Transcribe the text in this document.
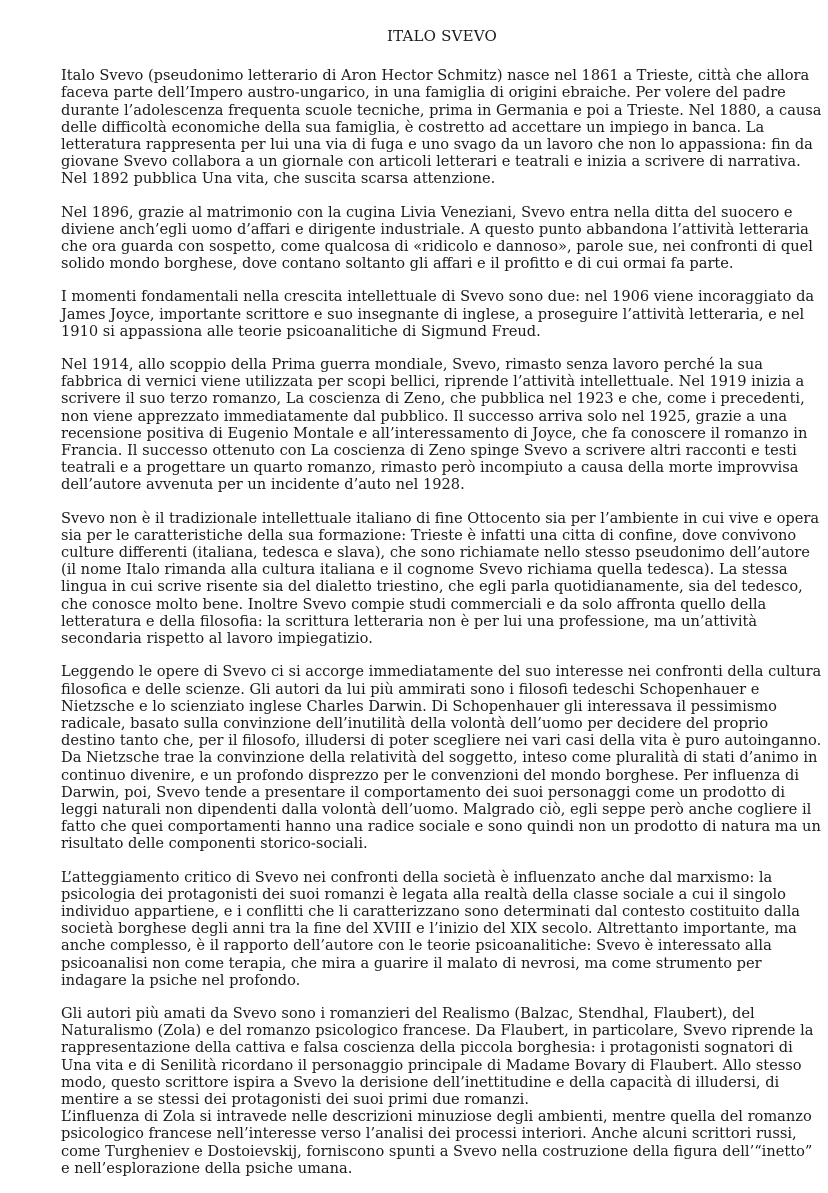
ITALO SVEVO

Italo Svevo (pseudonimo letterario di Aron Hector Schmitz) nasce nel 1861 a Trieste, città che allora faceva parte dell’Impero austro-ungarico, in una famiglia di origini ebraiche. Per volere del padre durante l’adolescenza frequenta scuole tecniche, prima in Germania e poi a Trieste. Nel 1880, a causa delle difficoltà economiche della sua famiglia, è costretto ad accettare un impiego in banca. La letteratura rappresenta per lui una via di fuga e uno svago da un lavoro che non lo appassiona: fin da giovane Svevo collabora a un giornale con articoli letterari e teatrali e inizia a scrivere di narrativa. Nel 1892 pubblica Una vita, che suscita scarsa attenzione.

Nel 1896, grazie al matrimonio con la cugina Livia Veneziani, Svevo entra nella ditta del suocero e diviene anch’egli uomo d’affari e dirigente industriale. A questo punto abbandona l’attività letteraria che ora guarda con sospetto, come qualcosa di «ridicolo e dannoso», parole sue, nei confronti di quel solido mondo borghese, dove contano soltanto gli affari e il profitto e di cui ormai fa parte.

I momenti fondamentali nella crescita intellettuale di Svevo sono due: nel 1906 viene incoraggiato da James Joyce, importante scrittore e suo insegnante di inglese, a proseguire l’attività letteraria, e nel 1910 si appassiona alle teorie psicoanalitiche di Sigmund Freud.

Nel 1914, allo scoppio della Prima guerra mondiale, Svevo, rimasto senza lavoro perché la sua fabbrica di vernici viene utilizzata per scopi bellici, riprende l’attività intellettuale. Nel 1919 inizia a scrivere il suo terzo romanzo, La coscienza di Zeno, che pubblica nel 1923 e che, come i precedenti, non viene apprezzato immediatamente dal pubblico. Il successo arriva solo nel 1925, grazie a una recensione positiva di Eugenio Montale e all’interessamento di Joyce, che fa conoscere il romanzo in Francia. Il successo ottenuto con La coscienza di Zeno spinge Svevo a scrivere altri racconti e testi teatrali e a progettare un quarto romanzo, rimasto però incompiuto a causa della morte improvvisa dell’autore avvenuta per un incidente d’auto nel 1928.

Svevo non è il tradizionale intellettuale italiano di fine Ottocento sia per l’ambiente in cui vive e opera sia per le caratteristiche della sua formazione: Trieste è infatti una citta di confine, dove convivono culture differenti (italiana, tedesca e slava), che sono richiamate nello stesso pseudonimo dell’autore (il nome Italo rimanda alla cultura italiana e il cognome Svevo richiama quella tedesca). La stessa lingua in cui scrive risente sia del dialetto triestino, che egli parla quotidianamente, sia del tedesco, che conosce molto bene. Inoltre Svevo compie studi commerciali e da solo affronta quello della letteratura e della filosofia: la scrittura letteraria non è per lui una professione, ma un’attività secondaria rispetto al lavoro impiegatizio.

Leggendo le opere di Svevo ci si accorge immediatamente del suo interesse nei confronti della cultura filosofica e delle scienze. Gli autori da lui più ammirati sono i filosofi tedeschi Schopenhauer e Nietzsche e lo scienziato inglese Charles Darwin. Di Schopenhauer gli interessava il pessimismo radicale, basato sulla convinzione dell’inutilità della volontà dell’uomo per decidere del proprio destino tanto che, per il filosofo, illudersi di poter scegliere nei vari casi della vita è puro autoinganno. Da Nietzsche trae la convinzione della relatività del soggetto, inteso come pluralità di stati d’animo in continuo divenire, e un profondo disprezzo per le convenzioni del mondo borghese. Per influenza di Darwin, poi, Svevo tende a presentare il comportamento dei suoi personaggi come un prodotto di leggi naturali non dipendenti dalla volontà dell’uomo. Malgrado ciò, egli seppe però anche cogliere il fatto che quei comportamenti hanno una radice sociale e sono quindi non un prodotto di natura ma un risultato delle componenti storico-sociali.

L’atteggiamento critico di Svevo nei confronti della società è influenzato anche dal marxismo: la psicologia dei protagonisti dei suoi romanzi è legata alla realtà della classe sociale a cui il singolo individuo appartiene, e i conflitti che li caratterizzano sono determinati dal contesto costituito dalla società borghese degli anni tra la fine del XVIII e l’inizio del XIX secolo. Altrettanto importante, ma anche complesso, è il rapporto dell’autore con le teorie psicoanalitiche: Svevo è interessato alla psicoanalisi non come terapia, che mira a guarire il malato di nevrosi, ma come strumento per indagare la psiche nel profondo.

Gli autori più amati da Svevo sono i romanzieri del Realismo (Balzac, Stendhal, Flaubert), del Naturalismo (Zola) e del romanzo psicologico francese. Da Flaubert, in particolare, Svevo riprende la rappresentazione della cattiva e falsa coscienza della piccola borghesia: i protagonisti sognatori di Una vita e di Senilità ricordano il personaggio principale di Madame Bovary di Flaubert. Allo stesso modo, questo scrittore ispira a Svevo la derisione dell’inettitudine e della capacità di illudersi, di mentire a se stessi dei protagonisti dei suoi primi due romanzi.

L’influenza di Zola si intravede nelle descrizioni minuziose degli ambienti, mentre quella del romanzo psicologico francese nell’interesse verso l’analisi dei processi interiori. Anche alcuni scrittori russi, come Turgheniev e Dostoievskij, forniscono spunti a Svevo nella costruzione della figura dell’“inetto” e nell’esplorazione della psiche umana.
